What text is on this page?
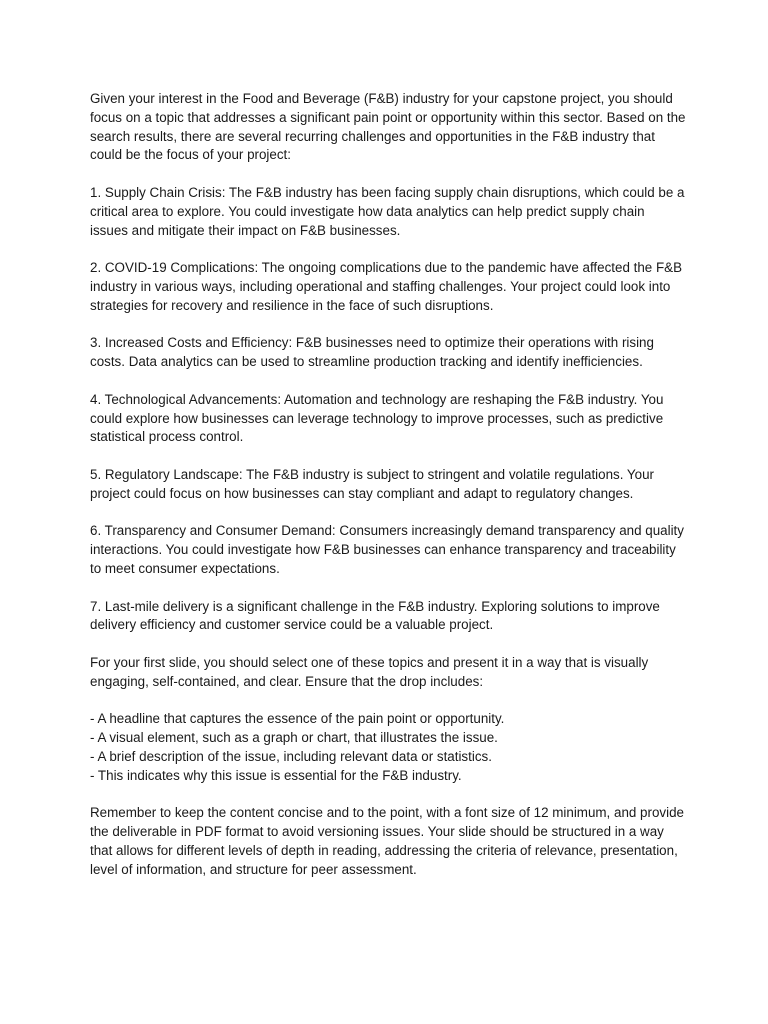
Given your interest in the Food and Beverage (F&B) industry for your capstone project, you should focus on a topic that addresses a significant pain point or opportunity within this sector. Based on the search results, there are several recurring challenges and opportunities in the F&B industry that could be the focus of your project:

1. Supply Chain Crisis: The F&B industry has been facing supply chain disruptions, which could be a critical area to explore. You could investigate how data analytics can help predict supply chain issues and mitigate their impact on F&B businesses.

2. COVID-19 Complications: The ongoing complications due to the pandemic have affected the F&B industry in various ways, including operational and staffing challenges. Your project could look into strategies for recovery and resilience in the face of such disruptions.

3. Increased Costs and Efficiency: F&B businesses need to optimize their operations with rising costs. Data analytics can be used to streamline production tracking and identify inefficiencies.

4. Technological Advancements: Automation and technology are reshaping the F&B industry. You could explore how businesses can leverage technology to improve processes, such as predictive statistical process control.

5. Regulatory Landscape: The F&B industry is subject to stringent and volatile regulations. Your project could focus on how businesses can stay compliant and adapt to regulatory changes.

6. Transparency and Consumer Demand: Consumers increasingly demand transparency and quality interactions. You could investigate how F&B businesses can enhance transparency and traceability to meet consumer expectations.

7. Last-mile delivery is a significant challenge in the F&B industry. Exploring solutions to improve delivery efficiency and customer service could be a valuable project.

For your first slide, you should select one of these topics and present it in a way that is visually engaging, self-contained, and clear. Ensure that the drop includes:

- A headline that captures the essence of the pain point or opportunity.
- A visual element, such as a graph or chart, that illustrates the issue.
- A brief description of the issue, including relevant data or statistics.
- This indicates why this issue is essential for the F&B industry.

Remember to keep the content concise and to the point, with a font size of 12 minimum, and provide the deliverable in PDF format to avoid versioning issues. Your slide should be structured in a way that allows for different levels of depth in reading, addressing the criteria of relevance, presentation, level of information, and structure for peer assessment.
